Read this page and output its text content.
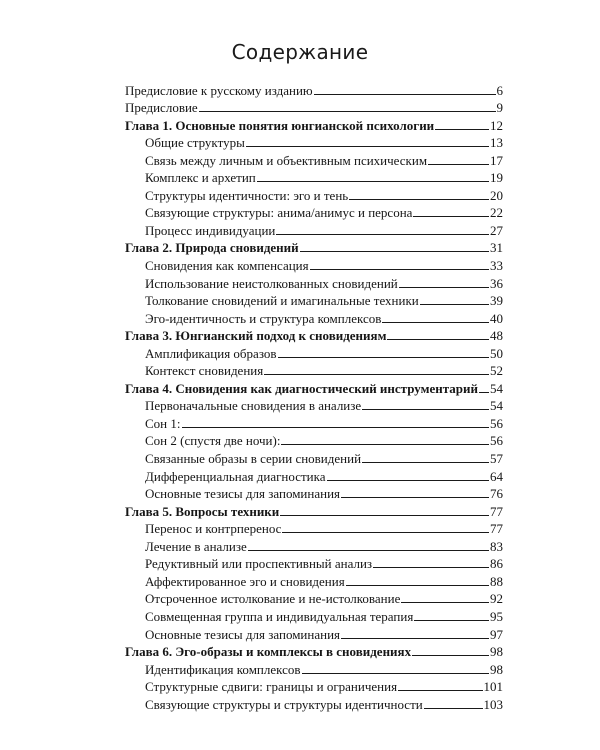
Содержание
Предисловие к русскому изданию	6
Предисловие	9
Глава 1. Основные понятия юнгианской психологии	12
Общие структуры	13
Связь между личным и объективным психическим	17
Комплекс и архетип	19
Структуры идентичности: эго и тень	20
Связующие структуры: анима/анимус и персона	22
Процесс индивидуации	27
Глава 2. Природа сновидений	31
Сновидения как компенсация	33
Использование неистолкованных сновидений	36
Толкование сновидений и имагинальные техники	39
Эго-идентичность и структура комплексов	40
Глава 3. Юнгианский подход к сновидениям	48
Амплификация образов	50
Контекст сновидения	52
Глава 4. Сновидения как диагностический инструментарий 54
Первоначальные сновидения в анализе	54
Сон 1:	56
Сон 2 (спустя две ночи):	56
Связанные образы в серии сновидений	57
Дифференциальная диагностика	64
Основные тезисы для запоминания	76
Глава 5. Вопросы техники	77
Перенос и контрперенос	77
Лечение в анализе	83
Редуктивный или проспективный анализ	86
Аффектированное эго и сновидения	88
Отсроченное истолкование и не-истолкование	92
Совмещенная группа и индивидуальная терапия	95
Основные тезисы для запоминания	97
Глава 6. Эго-образы и комплексы в сновидениях	98
Идентификация комплексов	98
Структурные сдвиги: границы и ограничения	101
Связующие структуры и структуры идентичности	103
